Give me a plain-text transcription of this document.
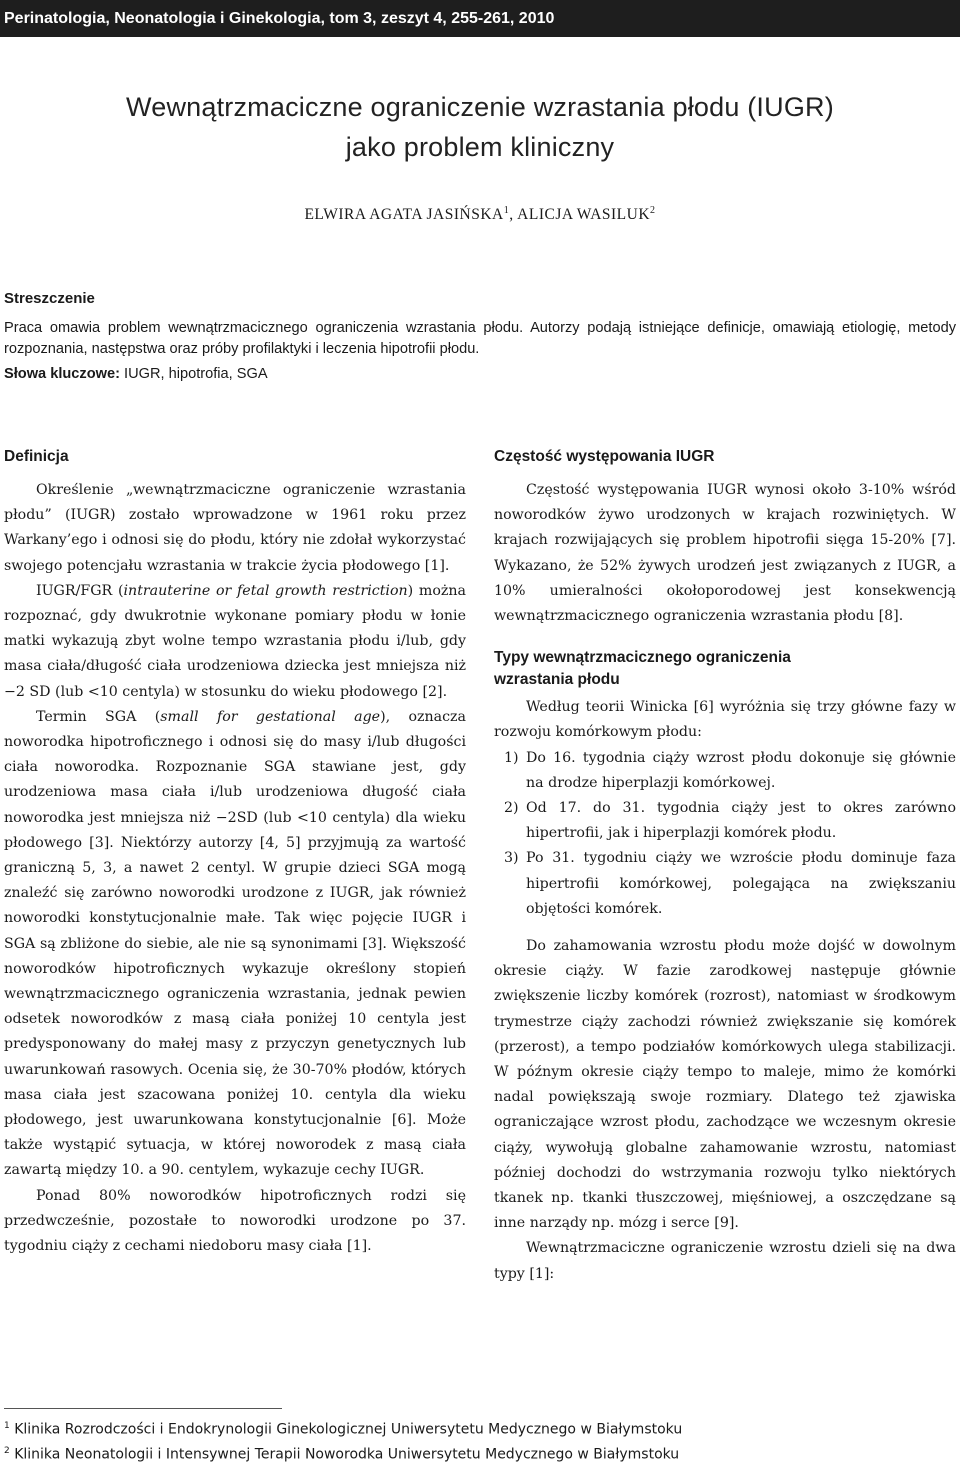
Perinatologia, Neonatologia i Ginekologia, tom 3, zeszyt 4, 255-261, 2010
Wewnątrzmaciczne ograniczenie wzrastania płodu (IUGR)
jako problem kliniczny
ELWIRA AGATA JASIŃSKA$^1$, ALICJA WASILUK$^2$
Streszczenie
Praca omawia problem wewnątrzmacicznego ograniczenia wzrastania płodu. Autorzy podają istniejące definicje, omawiają etiologię, metody rozpoznania, następstwa oraz próby profilaktyki i leczenia hipotrofii płodu.
Słowa kluczowe: IUGR, hipotrofia, SGA
Definicja

Określenie „wewnątrzmaciczne ograniczenie wzrastania płodu” (IUGR) zostało wprowadzone w 1961 roku przez Warkany’ego i odnosi się do płodu, który nie zdołał wykorzystać swojego potencjału wzrastania w trakcie życia płodowego [1].

IUGR/FGR (intrauterine or fetal growth restriction) można rozpoznać, gdy dwukrotnie wykonane pomiary płodu w łonie matki wykazują zbyt wolne tempo wzrastania płodu i/lub, gdy masa ciała/długość ciała urodzeniowa dziecka jest mniejsza niż −2 SD (lub <10 centyla) w stosunku do wieku płodowego [2].

Termin SGA (small for gestational age), oznacza noworodka hipotroficznego i odnosi się do masy i/lub długości ciała noworodka. Rozpoznanie SGA stawiane jest, gdy urodzeniowa masa ciała i/lub urodzeniowa długość ciała noworodka jest mniejsza niż −2SD (lub <10 centyla) dla wieku płodowego [3]. Niektórzy autorzy [4, 5] przyjmują za wartość graniczną 5, 3, a nawet 2 centyl. W grupie dzieci SGA mogą znaleźć się zarówno noworodki urodzone z IUGR, jak również noworodki konstytucjonalnie małe. Tak więc pojęcie IUGR i SGA są zbliżone do siebie, ale nie są synonimami [3]. Większość noworodków hipotroficznych wykazuje określony stopień wewnątrzmacicznego ograniczenia wzrastania, jednak pewien odsetek noworodków z masą ciała poniżej 10 centyla jest predysponowany do małej masy z przyczyn genetycznych lub uwarunkowań rasowych. Ocenia się, że 30-70% płodów, których masa ciała jest szacowana poniżej 10. centyla dla wieku płodowego, jest uwarunkowana konstytucjonalnie [6]. Może także wystąpić sytuacja, w której noworodek z masą ciała zawartą między 10. a 90. centylem, wykazuje cechy IUGR.

Ponad 80% noworodków hipotroficznych rodzi się przedwcześnie, pozostałe to noworodki urodzone po 37. tygodniu ciąży z cechami niedoboru masy ciała [1].

Częstość występowania IUGR

Częstość występowania IUGR wynosi około 3-10% wśród noworodków żywo urodzonych w krajach rozwiniętych. W krajach rozwijających się problem hipotrofii sięga 15-20% [7]. Wykazano, że 52% żywych urodzeń jest związanych z IUGR, a 10% umieralności okołoporodowej jest konsekwencją wewnątrzmacicznego ograniczenia wzrastania płodu [8].

Typy wewnątrzmacicznego ograniczenia wzrastania płodu

Według teorii Winicka [6] wyróżnia się trzy główne fazy w rozwoju komórkowym płodu:

1) Do 16. tygodnia ciąży wzrost płodu dokonuje się głównie na drodze hiperplazji komórkowej.
2) Od 17. do 31. tygodnia ciąży jest to okres zarówno hipertrofii, jak i hiperplazji komórek płodu.
3) Po 31. tygodniu ciąży we wzroście płodu dominuje faza hipertrofii komórkowej, polegająca na zwiększaniu objętości komórek.

Do zahamowania wzrostu płodu może dojść w dowolnym okresie ciąży. W fazie zarodkowej następuje głównie zwiększenie liczby komórek (rozrost), natomiast w środkowym trymestrze ciąży zachodzi również zwiększanie się komórek (przerost), a tempo podziałów komórkowych ulega stabilizacji. W późnym okresie ciąży tempo to maleje, mimo że komórki nadal powiększają swoje rozmiary. Dlatego też zjawiska ograniczające wzrost płodu, zachodzące we wczesnym okresie ciąży, wywołują globalne zahamowanie wzrostu, natomiast później dochodzi do wstrzymania rozwoju tylko niektórych tkanek np. tkanki tłuszczowej, mięśniowej, a oszczędzane są inne narządy np. mózg i serce [9].

Wewnątrzmaciczne ograniczenie wzrostu dzieli się na dwa typy [1]:

$^1$ Klinika Rozrodczości i Endokrynologii Ginekologicznej Uniwersytetu Medycznego w Białymstoku
$^2$ Klinika Neonatologii i Intensywnej Terapii Noworodka Uniwersytetu Medycznego w Białymstoku
